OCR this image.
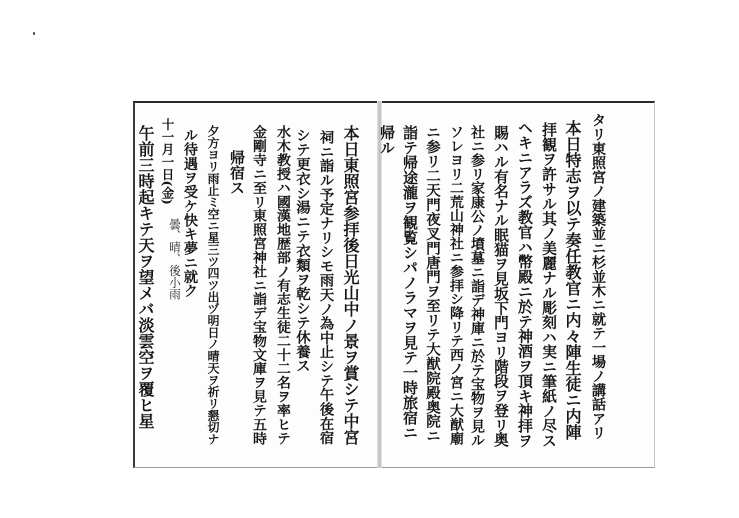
タリ東照宮ノ建築並ニ杉並木ニ就テ一場ノ講話アリ
本日特志ヲ以テ奏任教官ニ内々陣生徒ニ内陣
拝観ヲ許サル其ノ美麗ナル彫刻ハ実ニ筆紙ノ尽ス
ヘキニアラズ教官ハ幣殿ニ於テ神酒ヲ頂キ神拝ヲ
賜ハル有名ナル眠猫ヲ見坂下門ヨリ階段ヲ登リ奥
社ニ参リ家康公ノ墳墓ニ詣デ神庫ニ於テ宝物ヲ見ル
ソレヨリ二荒山神社ニ参拝シ降リテ西ノ宮ニ大猷廟
ニ参リ二天門夜叉門唐門ヲ至リテ大猷院殿奥院ニ
詣テ帰途瀧ヲ観覧シパノラマヲ見テ一時旅宿ニ
帰ル
本日東照宮参拝後日光山中ノ景ヲ賞シテ中宮
祠ニ詣ル予定ナリシモ雨天ノ為中止シテ午後在宿
シテ更衣シ湯ニテ衣類ヲ乾シテ休養ス
水木教授ハ國漢地歴部ノ有志生徒二十二名ヲ率ヒテ
金剛寺ニ至リ東照宮神社ニ詣デ宝物文庫ヲ見テ五時
帰宿ス
夕方ヨリ雨止ミ空ニ星三ツ四ツ出ヅ明日ノ晴天ヲ祈リ懇切ナ
ル待遇ヲ受ケ快キ夢ニ就ク
十一月一日(金)
曇、晴、後小雨
午前三時起キテ天ヲ望メバ淡雲空ヲ覆ヒ星
